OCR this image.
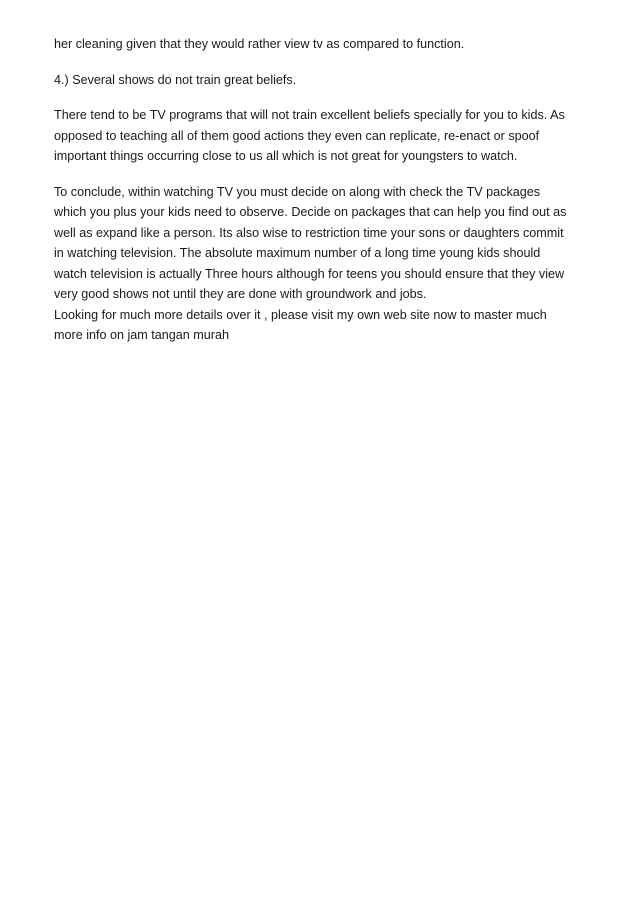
her cleaning given that they would rather view tv as compared to function.

4.) Several shows do not train great beliefs.

There tend to be TV programs that will not train excellent beliefs specially for you to kids. As
opposed to teaching all of them good actions they even can replicate, re-enact or spoof
important things occurring close to us all which is not great for youngsters to watch.

To conclude, within watching TV you must decide on along with check the TV packages
which you plus your kids need to observe. Decide on packages that can help you find out as
well as expand like a person. Its also wise to restriction time your sons or daughters commit
in watching television. The absolute maximum number of a long time young kids should
watch television is actually Three hours although for teens you should ensure that they view
very good shows not until they are done with groundwork and jobs.

Looking for much more details over it , please visit my own web site now to master much
more info on jam tangan murah
